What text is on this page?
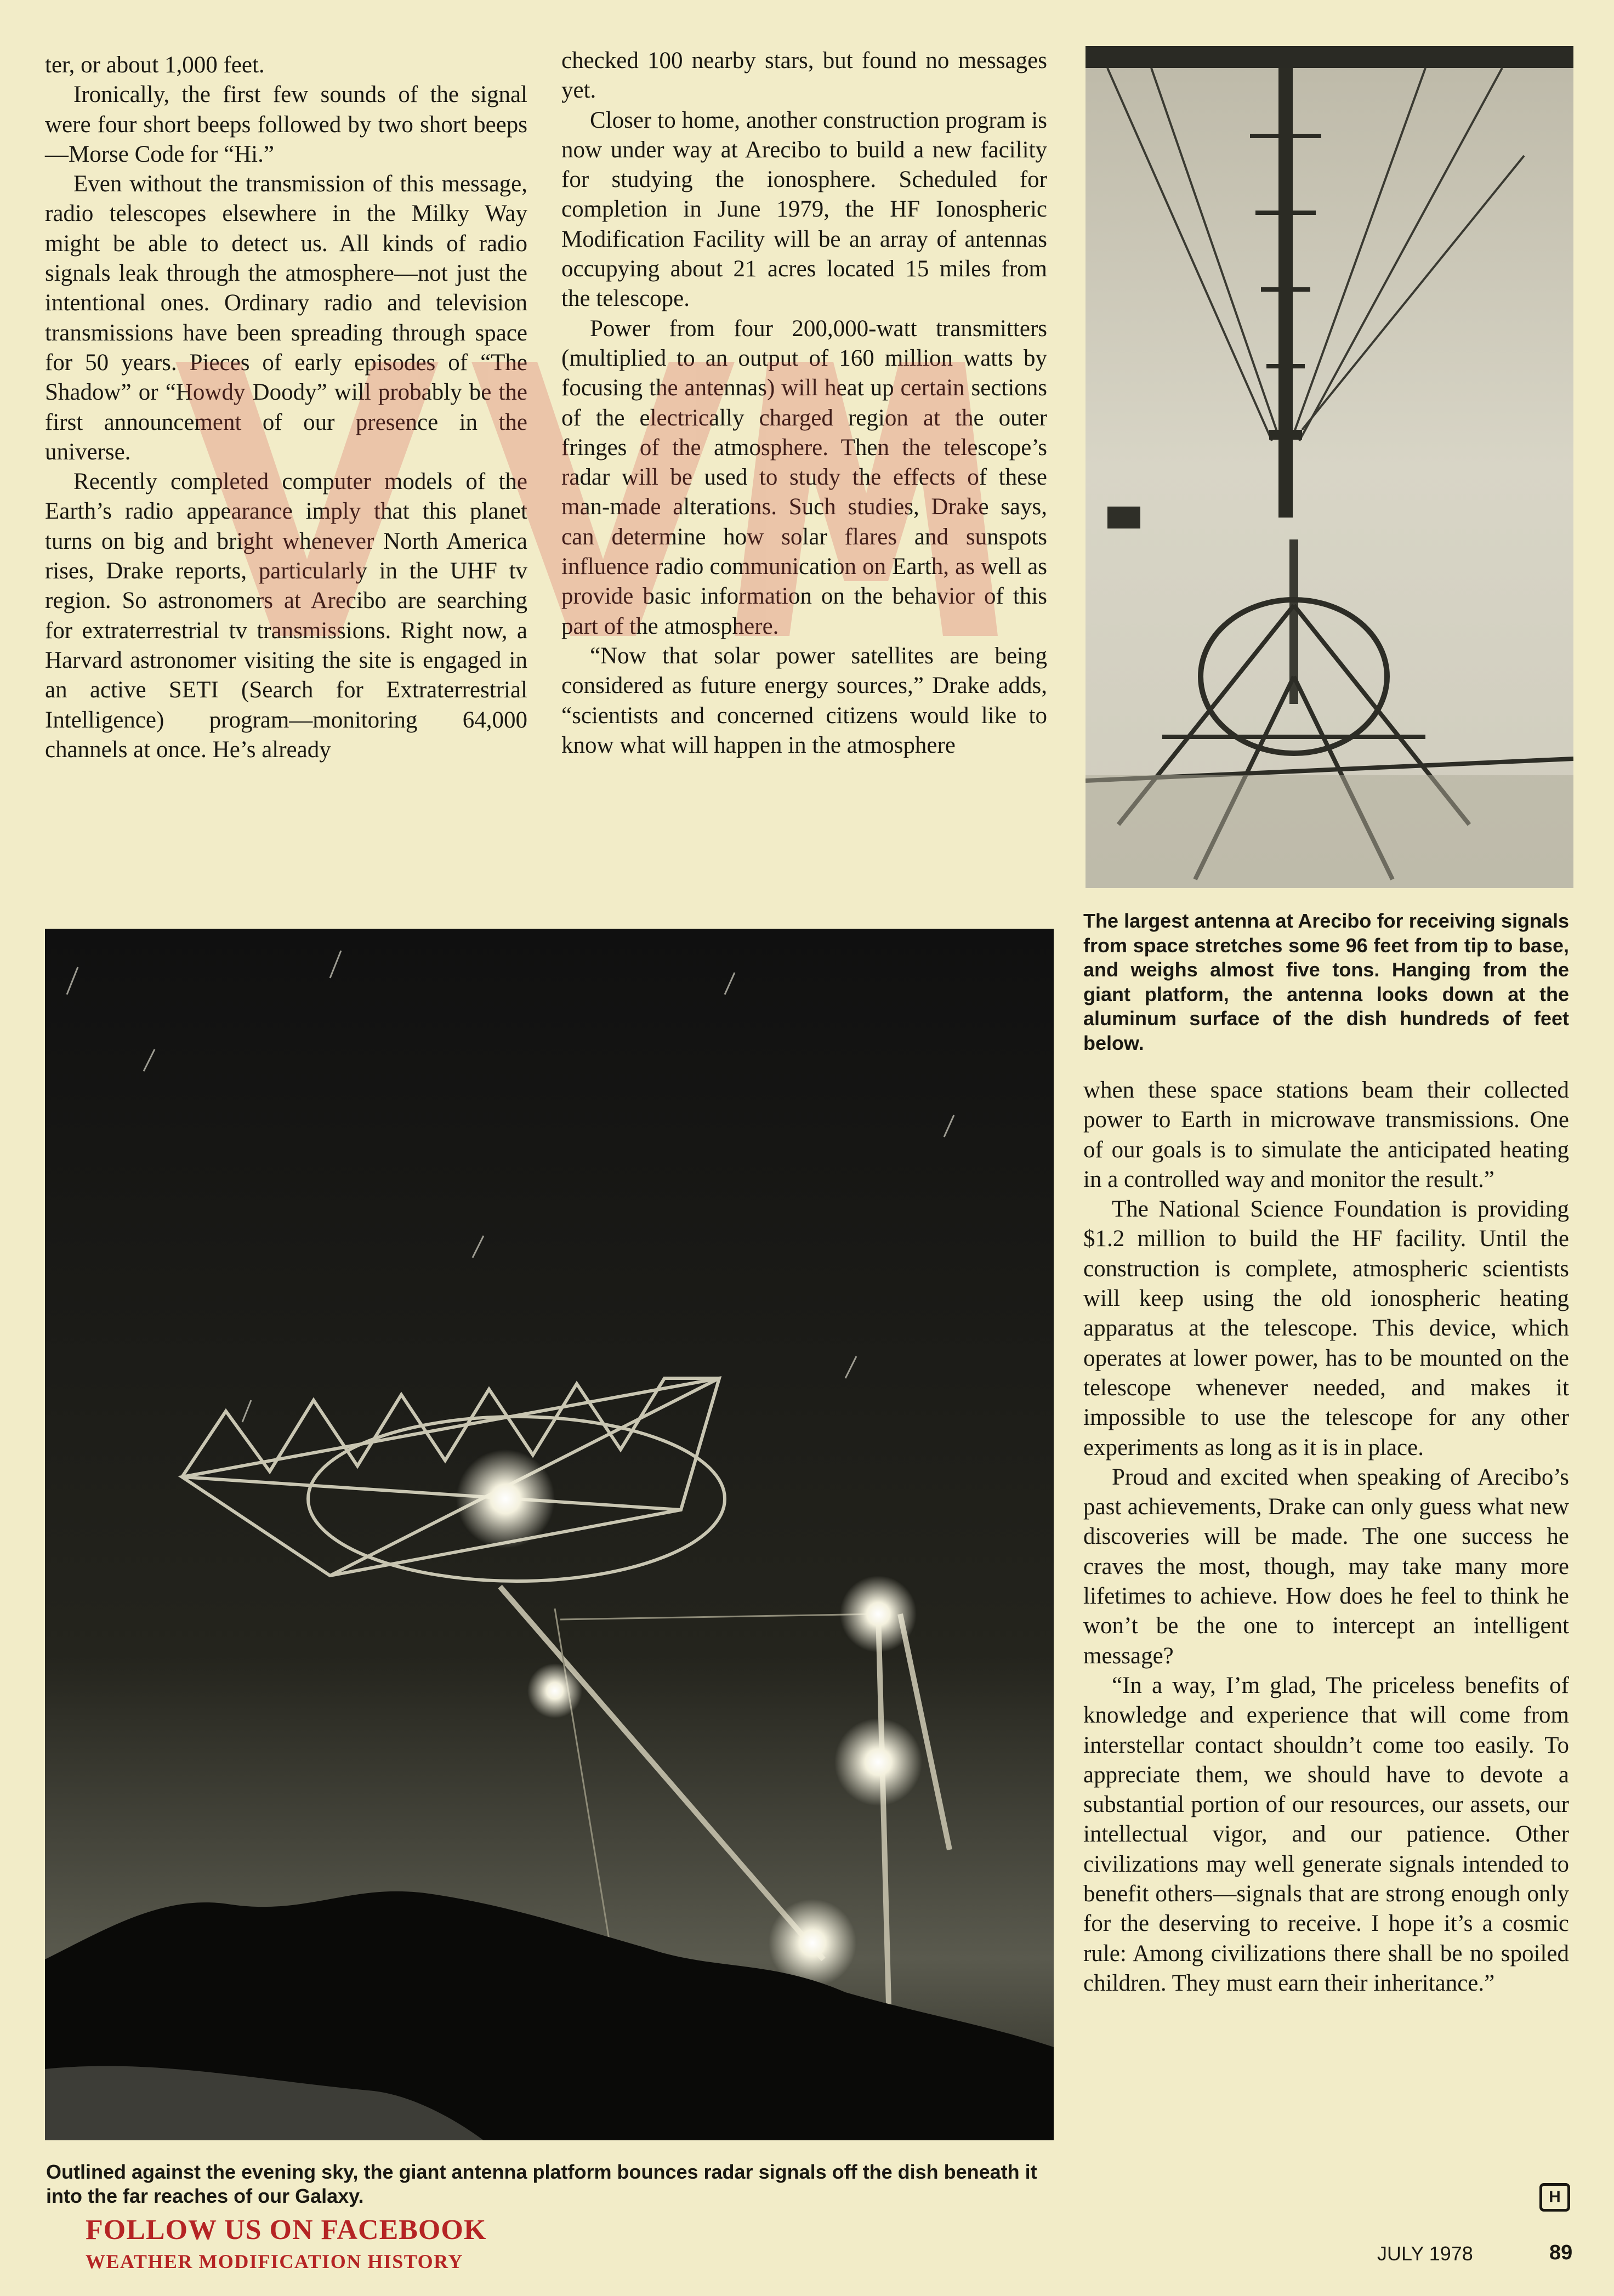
ter, or about 1,000 feet.

Ironically, the first few sounds of the signal were four short beeps followed by two short beeps—Morse Code for “Hi.”

Even without the transmission of this message, radio telescopes elsewhere in the Milky Way might be able to detect us. All kinds of radio signals leak through the atmosphere—not just the intentional ones. Ordinary radio and television transmissions have been spreading through space for 50 years. Pieces of early episodes of “The Shadow” or “Howdy Doody” will probably be the first announcement of our presence in the universe.

Recently completed computer models of the Earth’s radio appearance imply that this planet turns on big and bright whenever North America rises, Drake reports, particularly in the UHF tv region. So astronomers at Arecibo are searching for extraterrestrial tv transmissions. Right now, a Harvard astronomer visiting the site is engaged in an active SETI (Search for Extraterrestrial Intelligence) program—monitoring 64,000 channels at once. He’s already

checked 100 nearby stars, but found no messages yet.

Closer to home, another construction program is now under way at Arecibo to build a new facility for studying the ionosphere. Scheduled for completion in June 1979, the HF Ionospheric Modification Facility will be an array of antennas occupying about 21 acres located 15 miles from the telescope.

Power from four 200,000-watt transmitters (multiplied to an output of 160 million watts by focusing the antennas) will heat up certain sections of the electrically charged region at the outer fringes of the atmosphere. Then the telescope’s radar will be used to study the effects of these man-made alterations. Such studies, Drake says, can determine how solar flares and sunspots influence radio communication on Earth, as well as provide basic information on the behavior of this part of the atmosphere.

“Now that solar power satellites are being considered as future energy sources,” Drake adds, “scientists and concerned citizens would like to know what will happen in the atmosphere

The largest antenna at Arecibo for receiving signals from space stretches some 96 feet from tip to base, and weighs almost five tons. Hanging from the giant platform, the antenna looks down at the aluminum surface of the dish hundreds of feet below.
Outlined against the evening sky, the giant antenna platform bounces radar signals off the dish beneath it into the far reaches of our Galaxy.

when these space stations beam their collected power to Earth in microwave transmissions. One of our goals is to simulate the anticipated heating in a controlled way and monitor the result.”

The National Science Foundation is providing $1.2 million to build the HF facility. Until the construction is complete, atmospheric scientists will keep using the old ionospheric heating apparatus at the telescope. This device, which operates at lower power, has to be mounted on the telescope whenever needed, and makes it impossible to use the telescope for any other experiments as long as it is in place.

Proud and excited when speaking of Arecibo’s past achievements, Drake can only guess what new discoveries will be made. The one success he craves the most, though, may take many more lifetimes to achieve. How does he feel to think he won’t be the one to intercept an intelligent message?

“In a way, I’m glad, The priceless benefits of knowledge and experience that will come from interstellar contact shouldn’t come too easily. To appreciate them, we should have to devote a substantial portion of our resources, our assets, our intellectual vigor, and our patience. Other civilizations may well generate signals intended to benefit others—signals that are strong enough only for the deserving to receive. I hope it’s a cosmic rule: Among civilizations there shall be no spoiled children. They must earn their inheritance.”

H
FOLLOW US ON FACEBOOK
WEATHER MODIFICATION HISTORY	JULY 1978	89
